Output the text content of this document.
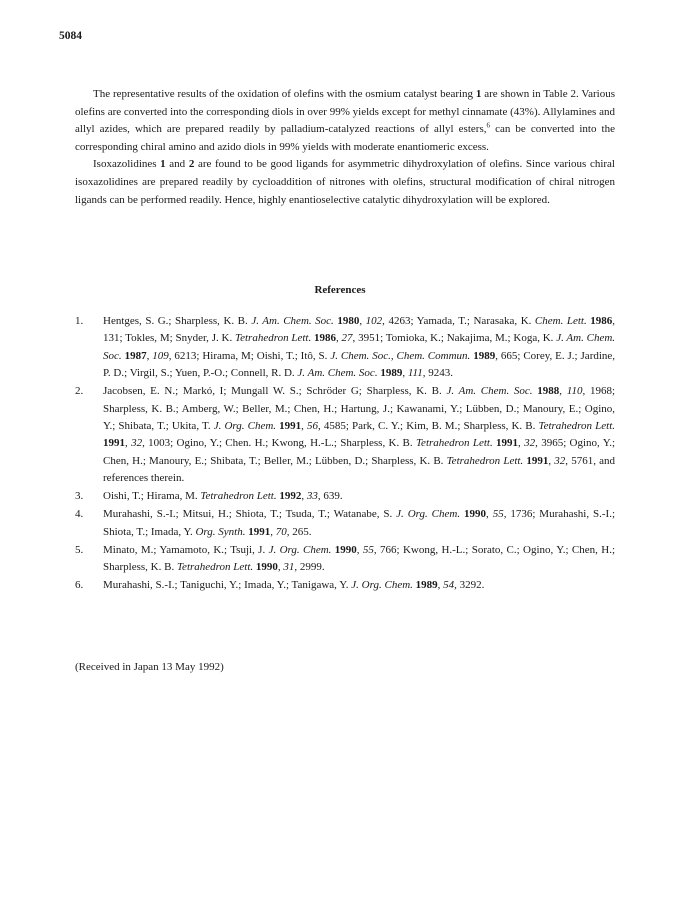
5084

The representative results of the oxidation of olefins with the osmium catalyst bearing 1 are shown in Table 2. Various olefins are converted into the corresponding diols in over 99% yields except for methyl cinnamate (43%). Allylamines and allyl azides, which are prepared readily by palladium-catalyzed reactions of allyl esters,$^6$ can be converted into the corresponding chiral amino and azido diols in 99% yields with moderate enantiomeric excess.

Isoxazolidines 1 and 2 are found to be good ligands for asymmetric dihydroxylation of olefins. Since various chiral isoxazolidines are prepared readily by cycloaddition of nitrones with olefins, structural modification of chiral nitrogen ligands can be performed readily. Hence, highly enantioselective catalytic dihydroxylation will be explored.

References
1. Hentges, S. G.; Sharpless, K. B. J. Am. Chem. Soc. 1980, 102, 4263; Yamada, T.; Narasaka, K. Chem. Lett. 1986, 131; Tokles, M; Snyder, J. K. Tetrahedron Lett. 1986, 27, 3951; Tomioka, K.; Nakajima, M.; Koga, K. J. Am. Chem. Soc. 1987, 109, 6213; Hirama, M; Oishi, T.; Itô, S. J. Chem. Soc., Chem. Commun. 1989, 665; Corey, E. J.; Jardine, P. D.; Virgil, S.; Yuen, P.-O.; Connell, R. D. J. Am. Chem. Soc. 1989, 111, 9243.
2. Jacobsen, E. N.; Markó, I; Mungall W. S.; Schröder G; Sharpless, K. B. J. Am. Chem. Soc. 1988, 110, 1968; Sharpless, K. B.; Amberg, W.; Beller, M.; Chen, H.; Hartung, J.; Kawanami, Y.; Lübben, D.; Manoury, E.; Ogino, Y.; Shibata, T.; Ukita, T. J. Org. Chem. 1991, 56, 4585; Park, C. Y.; Kim, B. M.; Sharpless, K. B. Tetrahedron Lett. 1991, 32, 1003; Ogino, Y.; Chen. H.; Kwong, H.-L.; Sharpless, K. B. Tetrahedron Lett. 1991, 32, 3965; Ogino, Y.; Chen, H.; Manoury, E.; Shibata, T.; Beller, M.; Lübben, D.; Sharpless, K. B. Tetrahedron Lett. 1991, 32, 5761, and references therein.
3. Oishi, T.; Hirama, M. Tetrahedron Lett. 1992, 33, 639.
4. Murahashi, S.-I.; Mitsui, H.; Shiota, T.; Tsuda, T.; Watanabe, S. J. Org. Chem. 1990, 55, 1736; Murahashi, S.-I.; Shiota, T.; Imada, Y. Org. Synth. 1991, 70, 265.
5. Minato, M.; Yamamoto, K.; Tsuji, J. J. Org. Chem. 1990, 55, 766; Kwong, H.-L.; Sorato, C.; Ogino, Y.; Chen, H.; Sharpless, K. B. Tetrahedron Lett. 1990, 31, 2999.
6. Murahashi, S.-I.; Taniguchi, Y.; Imada, Y.; Tanigawa, Y. J. Org. Chem. 1989, 54, 3292.
(Received in Japan 13 May 1992)
